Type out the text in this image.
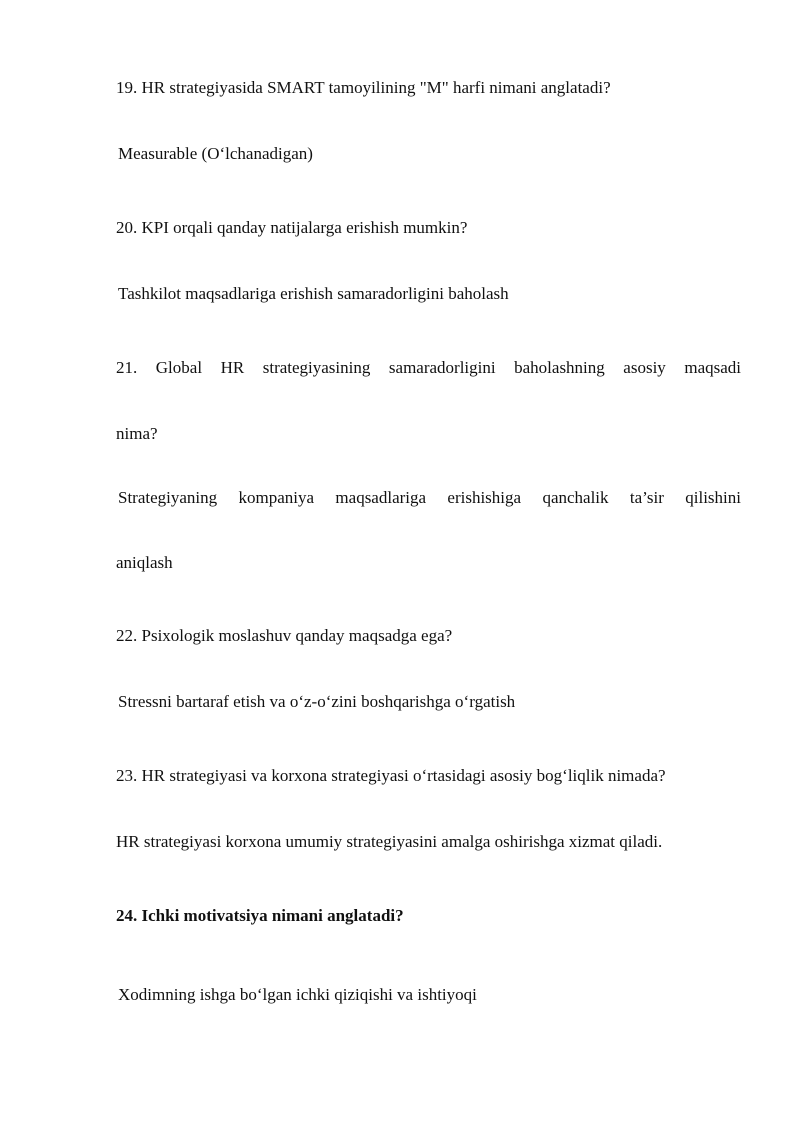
19. HR strategiyasida SMART tamoyilining "M" harfi nimani anglatadi?
Measurable (O‘lchanadigan)
20. KPI orqali qanday natijalarga erishish mumkin?
Tashkilot maqsadlariga erishish samaradorligini baholash
21. Global HR strategiyasining samaradorligini baholashning asosiy maqsadi
nima?
Strategiyaning kompaniya maqsadlariga erishishiga qanchalik ta’sir qilishini
aniqlash
22. Psixologik moslashuv qanday maqsadga ega?
Stressni bartaraf etish va o‘z-o‘zini boshqarishga o‘rgatish
23. HR strategiyasi va korxona strategiyasi o‘rtasidagi asosiy bog‘liqlik nimada?
HR strategiyasi korxona umumiy strategiyasini amalga oshirishga xizmat qiladi.
24. Ichki motivatsiya nimani anglatadi?
Xodimning ishga bo‘lgan ichki qiziqishi va ishtiyoqi
